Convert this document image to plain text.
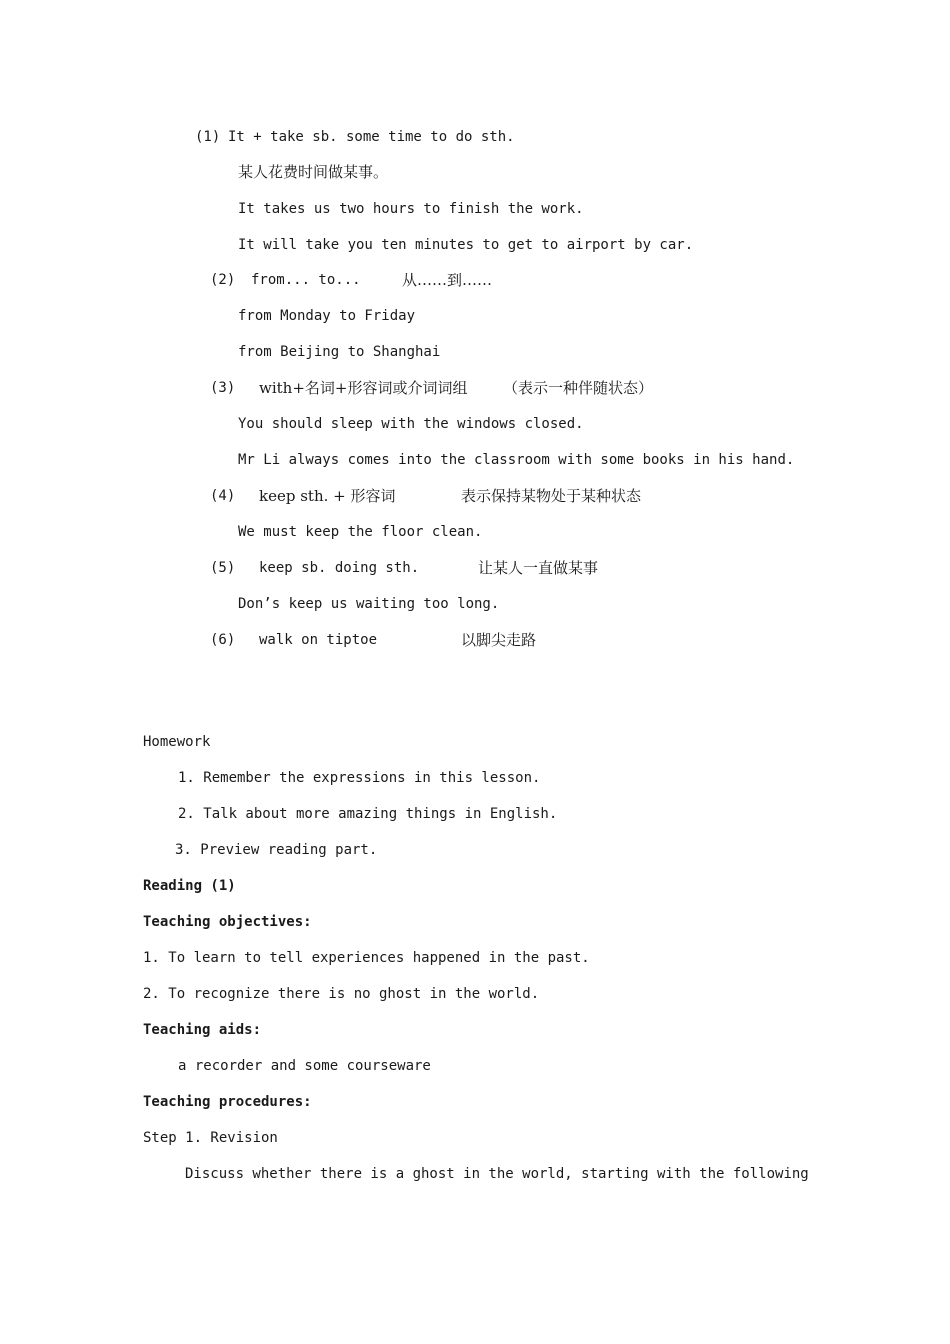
(1) It + take sb. some time to do sth.
某人花费时间做某事。
It takes us two hours to finish the work.
It will take you ten minutes to get to airport by car.
(2) from... to...	从……到……
from Monday to Friday
from Beijing to Shanghai
(3) with+名词+形容词或介词词组 （表示一种伴随状态）
You should sleep with the windows closed.
Mr Li always comes into the classroom with some books in his hand.
(4) keep sth. + 形容词	表示保持某物处于某种状态
We must keep the floor clean.
(5) keep sb. doing sth.	让某人一直做某事
Don’s keep us waiting too long.
(6) walk on tiptoe	以脚尖走路
Homework
1. Remember the expressions in this lesson.
2. Talk about more amazing things in English.
3. Preview reading part.
Reading (1)
Teaching objectives:
1. To learn to tell experiences happened in the past.
2. To recognize there is no ghost in the world.
Teaching aids:
a recorder and some courseware
Teaching procedures:
Step 1. Revision
Discuss whether there is a ghost in the world, starting with the following
